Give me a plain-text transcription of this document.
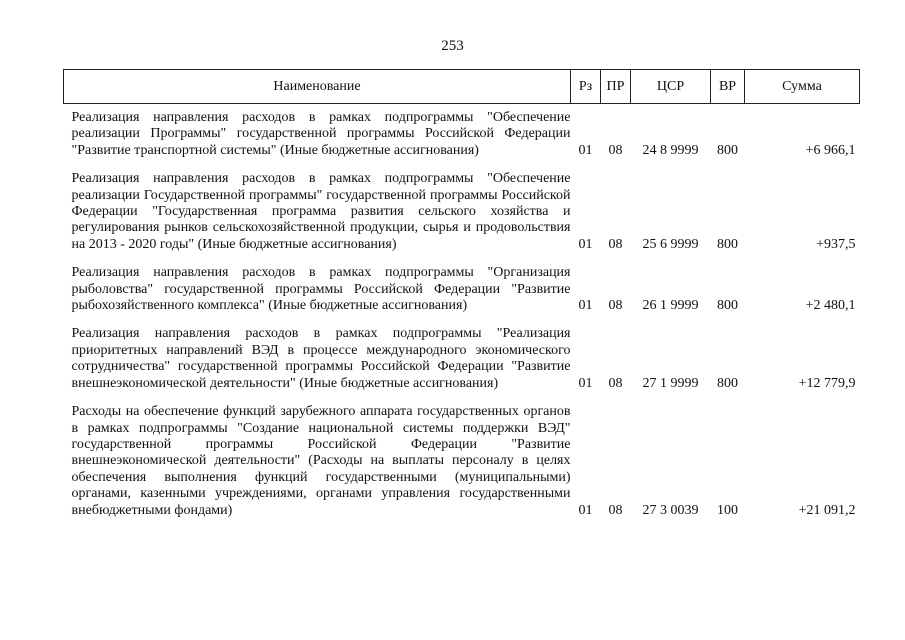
253
Наименование	Рз	ПР	ЦСР	ВР	Сумма
Реализация направления расходов в рамках подпрограммы "Обеспечение реализации Программы" государственной программы Российской Федерации "Развитие транспортной системы" (Иные бюджетные ассигнования)	01	08	24 8 9999	800	+6 966,1
Реализация направления расходов в рамках подпрограммы "Обеспечение реализации Государственной программы" государственной программы Российской Федерации "Государственная программа развития сельского хозяйства и регулирования рынков сельскохозяйственной продукции, сырья и продовольствия на 2013 - 2020 годы" (Иные бюджетные ассигнования)	01	08	25 6 9999	800	+937,5
Реализация направления расходов в рамках подпрограммы "Организация рыболовства" государственной программы Российской Федерации "Развитие рыбохозяйственного комплекса" (Иные бюджетные ассигнования)	01	08	26 1 9999	800	+2 480,1
Реализация направления расходов в рамках подпрограммы "Реализация приоритетных направлений ВЭД в процессе международного экономического сотрудничества" государственной программы Российской Федерации "Развитие внешнеэкономической деятельности" (Иные бюджетные ассигнования)	01	08	27 1 9999	800	+12 779,9
Расходы на обеспечение функций зарубежного аппарата государственных органов в рамках подпрограммы "Создание национальной системы поддержки ВЭД" государственной программы Российской Федерации "Развитие внешнеэкономической деятельности" (Расходы на выплаты персоналу в целях обеспечения выполнения функций государственными (муниципальными) органами, казенными учреждениями, органами управления государственными внебюджетными фондами)	01	08	27 3 0039	100	+21 091,2
